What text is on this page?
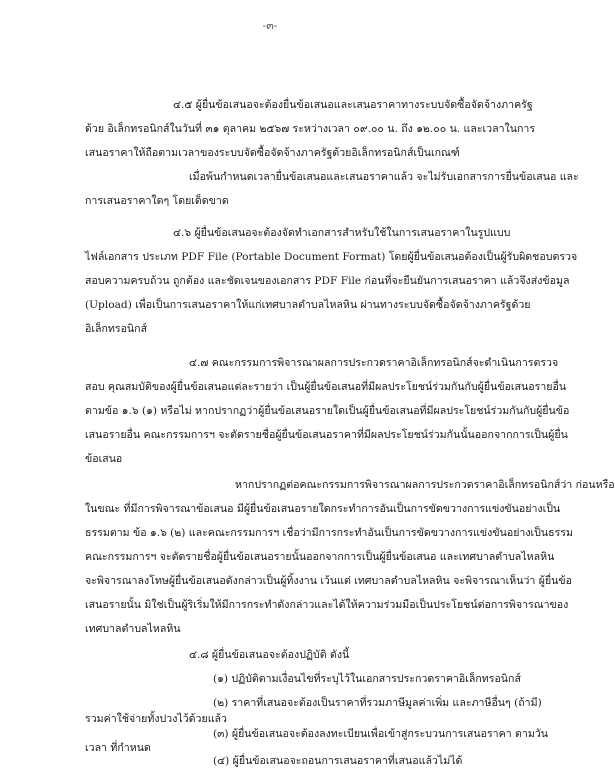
-๓-
๔.๕ ผู้ยื่นข้อเสนอจะต้องยื่นข้อเสนอและเสนอราคาทางระบบจัดซื้อจัดจ้างภาครัฐ
ด้วย อิเล็กทรอนิกส์ในวันที่ ๓๑ ตุลาคม ๒๕๖๗ ระหว่างเวลา ๐๙.๐๐ น. ถึง ๑๒.๐๐ น. และเวลาในการ
เสนอราคาให้ถือตามเวลาของระบบจัดซื้อจัดจ้างภาครัฐด้วยอิเล็กทรอนิกส์เป็นเกณฑ์
เมื่อพ้นกำหนดเวลายื่นข้อเสนอและเสนอราคาแล้ว จะไม่รับเอกสารการยื่นข้อเสนอ และ
การเสนอราคาใดๆ โดยเด็ดขาด
๔.๖ ผู้ยื่นข้อเสนอจะต้องจัดทำเอกสารสำหรับใช้ในการเสนอราคาในรูปแบบ
ไฟล์เอกสาร ประเภท PDF File (Portable Document Format) โดยผู้ยื่นข้อเสนอต้องเป็นผู้รับผิดชอบตรวจ
สอบความครบถ้วน ถูกต้อง และชัดเจนของเอกสาร PDF File ก่อนที่จะยืนยันการเสนอราคา แล้วจึงส่งข้อมูล
(Upload) เพื่อเป็นการเสนอราคาให้แก่เทศบาลตำบลไหลหิน ผ่านทางระบบจัดซื้อจัดจ้างภาครัฐด้วย
อิเล็กทรอนิกส์
๔.๗ คณะกรรมการพิจารณาผลการประกวดราคาอิเล็กทรอนิกส์จะดำเนินการตรวจ
สอบ คุณสมบัติของผู้ยื่นข้อเสนอแต่ละรายว่า เป็นผู้ยื่นข้อเสนอที่มีผลประโยชน์ร่วมกันกับผู้ยื่นข้อเสนอรายอื่น
ตามข้อ ๑.๖ (๑) หรือไม่ หากปรากฏว่าผู้ยื่นข้อเสนอรายใดเป็นผู้ยื่นข้อเสนอที่มีผลประโยชน์ร่วมกันกับผู้ยื่นข้อ
เสนอรายอื่น คณะกรรมการฯ จะตัดรายชื่อผู้ยื่นข้อเสนอราคาที่มีผลประโยชน์ร่วมกันนั้นออกจากการเป็นผู้ยื่น
ข้อเสนอ
หากปรากฏต่อคณะกรรมการพิจารณาผลการประกวดราคาอิเล็กทรอนิกส์ว่า ก่อนหรือ
ในขณะ ที่มีการพิจารณาข้อเสนอ มีผู้ยื่นข้อเสนอรายใดกระทำการอันเป็นการขัดขวางการแข่งขันอย่างเป็น
ธรรมตาม ข้อ ๑.๖ (๒) และคณะกรรมการฯ เชื่อว่ามีการกระทำอันเป็นการขัดขวางการแข่งขันอย่างเป็นธรรม
คณะกรรมการฯ จะตัดรายชื่อผู้ยื่นข้อเสนอรายนั้นออกจากการเป็นผู้ยื่นข้อเสนอ และเทศบาลตำบลไหลหิน
จะพิจารณาลงโทษผู้ยื่นข้อเสนอดังกล่าวเป็นผู้ทิ้งงาน เว้นแต่ เทศบาลตำบลไหลหิน จะพิจารณาเห็นว่า ผู้ยื่นข้อ
เสนอรายนั้น มิใช่เป็นผู้ริเริ่มให้มีการกระทำดังกล่าวและได้ให้ความร่วมมือเป็นประโยชน์ต่อการพิจารณาของ
เทศบาลตำบลไหลหิน
๔.๘ ผู้ยื่นข้อเสนอจะต้องปฏิบัติ ดังนี้
(๑) ปฏิบัติตามเงื่อนไขที่ระบุไว้ในเอกสารประกวดราคาอิเล็กทรอนิกส์
(๒) ราคาที่เสนอจะต้องเป็นราคาที่รวมภาษีมูลค่าเพิ่ม และภาษีอื่นๆ (ถ้ามี)
รวมค่าใช้จ่ายทั้งปวงไว้ด้วยแล้ว
(๓) ผู้ยื่นข้อเสนอจะต้องลงทะเบียนเพื่อเข้าสู่กระบวนการเสนอราคา ตามวัน
เวลา ที่กำหนด
(๔) ผู้ยื่นข้อเสนอจะถอนการเสนอราคาที่เสนอแล้วไม่ได้
